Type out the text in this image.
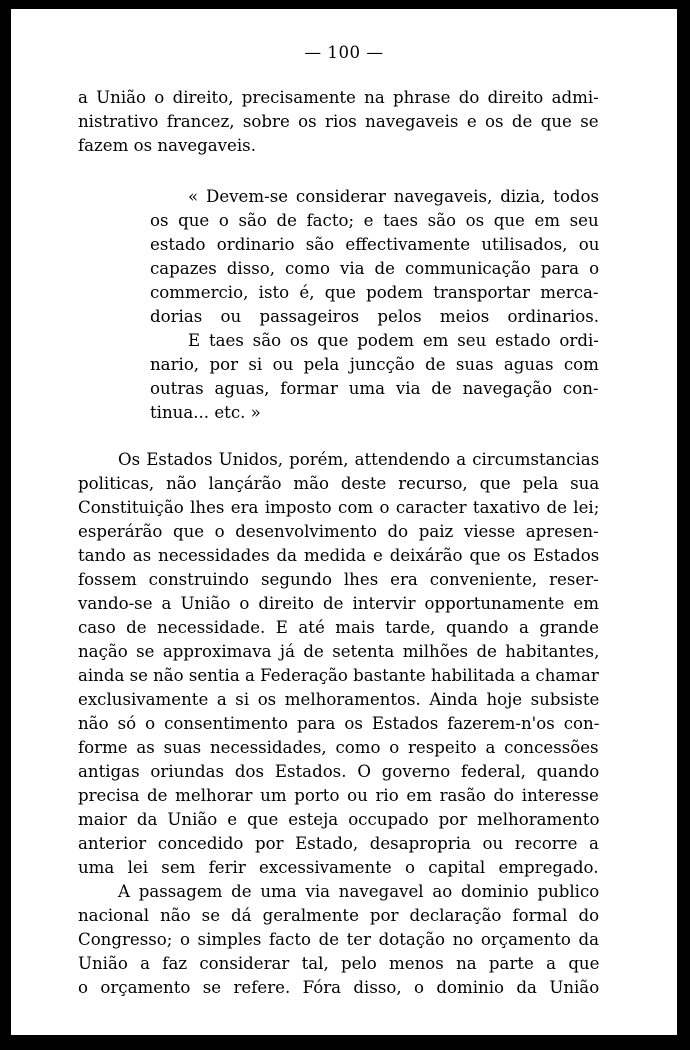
— 100 —
a União o direito, precisamente na phrase do direito admi-
nistrativo francez, sobre os rios navegaveis e os de que se
fazem os navegaveis.
« Devem-se considerar navegaveis, dizia, todos
os que o são de facto; e taes são os que em seu
estado ordinario são effectivamente utilisados, ou
capazes disso, como via de communicação para o
commercio, isto é, que podem transportar merca-
dorias ou passageiros pelos meios ordinarios.
E taes são os que podem em seu estado ordi-
nario, por si ou pela juncção de suas aguas com
outras aguas, formar uma via de navegação con-
tinua... etc. »
Os Estados Unidos, porém, attendendo a circumstancias
politicas, não lançárão mão deste recurso, que pela sua
Constituição lhes era imposto com o caracter taxativo de lei;
esperárão que o desenvolvimento do paiz viesse apresen-
tando as necessidades da medida e deixárão que os Estados
fossem construindo segundo lhes era conveniente, reser-
vando-se a União o direito de intervir opportunamente em
caso de necessidade. E até mais tarde, quando a grande
nação se approximava já de setenta milhões de habitantes,
ainda se não sentia a Federação bastante habilitada a chamar
exclusivamente a si os melhoramentos. Ainda hoje subsiste
não só o consentimento para os Estados fazerem-n'os con-
forme as suas necessidades, como o respeito a concessões
antigas oriundas dos Estados. O governo federal, quando
precisa de melhorar um porto ou rio em rasão do interesse
maior da União e que esteja occupado por melhoramento
anterior concedido por Estado, desapropria ou recorre a
uma lei sem ferir excessivamente o capital empregado.
A passagem de uma via navegavel ao dominio publico
nacional não se dá geralmente por declaração formal do
Congresso; o simples facto de ter dotação no orçamento da
União a faz considerar tal, pelo menos na parte a que
o orçamento se refere. Fóra disso, o dominio da União
